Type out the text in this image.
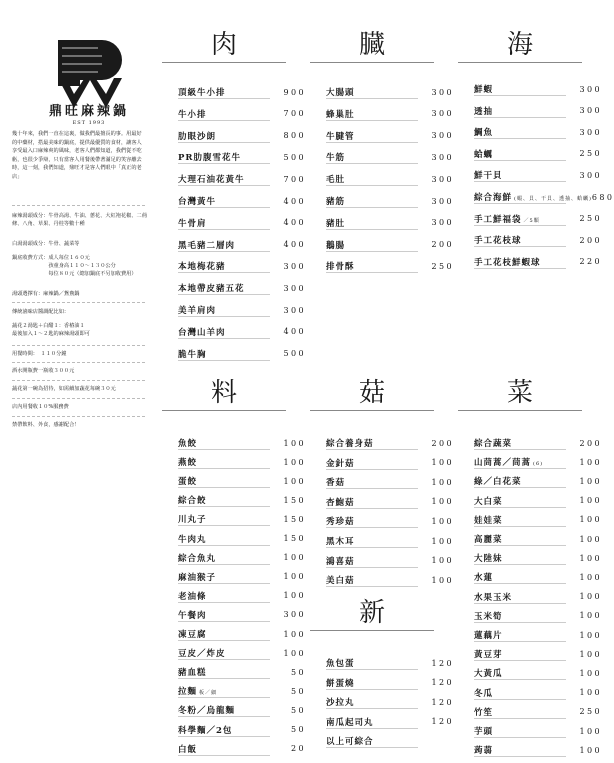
鼎旺麻辣鍋
EST 1993
幾十年來，我們一直在這裏，做我們最擅長的事。用最好的中藥材，搭最美味的鍋底，提供最優質的食材，讓客人享受最入口麻辣爽的風味，老客人們都知道，我們從不吃虧，也很少爭辯，只有當客人用餐後帶著滿足的笑容離去時，這一刻，我們知道，鼎旺才是客人們眼中「真正的老店」
麻辣湯頭成分：牛骨高湯、牛油、蔥花、大紅袍花椒、二荊條、八角、草果、丹桂等數十種
白湯湯頭成分：牛骨、蔬菜等
鍋底收費方式：成人每位１６０元
　　　　　　　孩童身高１１０～１３０公分
　　　　　　　每位８０元（總加鍋底不另加收費用）
湯頭選擇有：麻辣鍋／鴛鴦鍋
傳統滷味店醬調配比如：
蔬花２湯匙＋白醋１：香椿油１
最後加入１～２匙的麻辣湯頭即可
用餐時間：　１１０分鐘
酒水開瓶費一瓶收３００元
蔬花第一碗為招待，如需續加蔬花每碗３０元
店內用餐收１０%服務費
禁帶飲料、外食，感謝配合！
肉
頂級牛小排	900
牛小排	700
肋眼沙朗	800
PR肋腹雪花牛	500
大理石油花黃牛	700
台灣黃牛	400
牛骨肩	400
黑毛豬二層肉	400
本地梅花豬	300
本地帶皮豬五花	300
美羊肩肉	300
台灣山羊肉	400
脆牛胸	500
臓
大腸頭	300
蜂巢肚	300
牛腱管	300
牛筋	300
毛肚	300
豬筋	300
豬肚	300
鵝腸	200
排骨酥	250
海
鮮蝦	300
透抽	300
鯛魚	300
蛤蠣	250
鮮干貝	300
綜合海鮮 (蝦、貝、干貝、透抽、蛤蠣) 680
手工鮮福袋 ／5顆	250
手工花枝球	200
手工花枝鮮蝦球	220
料
魚餃	100
燕餃	100
蛋餃	100
綜合餃	150
川丸子	150
牛肉丸	150
綜合魚丸	100
麻油猴子	100
老油條	100
午餐肉	300
凍豆腐	100
豆皮／炸皮	100
豬血糕	50
拉麵 板／細	50
冬粉／烏龍麵	50
科學麵／2包	50
白飯	20
菇
綜合養身菇	200
金針菇	100
香菇	100
杏鮑菇	100
秀珍菇	100
黑木耳	100
鴻喜菇	100
美白菇	100
新
魚包蛋	120
餅蛋燒	120
沙拉丸	120
南瓜起司丸	120
以上可綜合
菜
綜合蔬菜	200
山茼蒿／茼蒿 (6)	100
綠／白花菜	100
大白菜	100
娃娃菜	100
高麗菜	100
大陸妹	100
水蓮	100
水果玉米	100
玉米筍	100
蓮藕片	100
黃豆芽	100
大黃瓜	100
冬瓜	100
竹笙	250
芋頭	100
蒟蒻	100
